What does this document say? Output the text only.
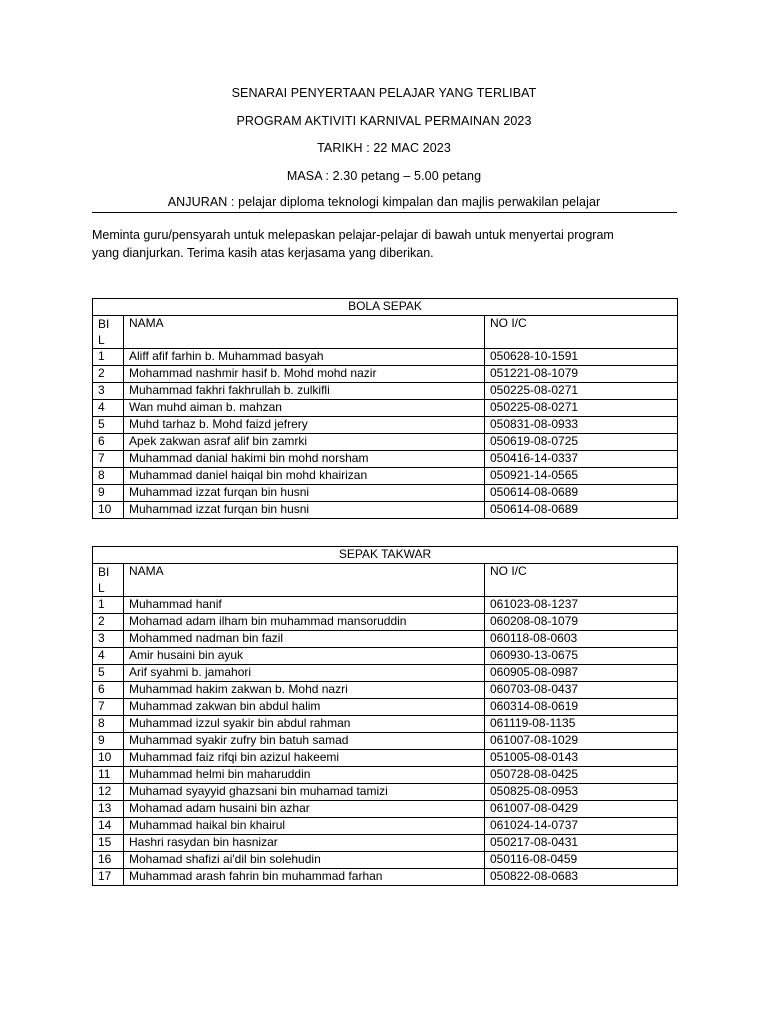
SENARAI PENYERTAAN PELAJAR YANG TERLIBAT
PROGRAM AKTIVITI KARNIVAL PERMAINAN 2023
TARIKH : 22 MAC 2023
MASA : 2.30 petang – 5.00 petang
ANJURAN : pelajar diploma teknologi kimpalan dan majlis perwakilan pelajar
Meminta guru/pensyarah untuk melepaskan pelajar-pelajar di bawah untuk menyertai program
yang dianjurkan. Terima kasih atas kerjasama yang diberikan.
BOLA SEPAK		

BI
L	NAMA	NO I/C
1	Aliff afif farhin b. Muhammad basyah	050628-10-1591
2	Mohammad nashmir hasif b. Mohd mohd nazir	051221-08-1079
3	Muhammad fakhri fakhrullah b. zulkifli	050225-08-0271
4	Wan muhd aiman b. mahzan	050225-08-0271
5	Muhd tarhaz b. Mohd faizd jefrery	050831-08-0933
6	Apek zakwan asraf alif bin zamrki	050619-08-0725
7	Muhammad danial hakimi bin mohd norsham	050416-14-0337
8	Muhammad daniel haiqal bin mohd khairizan	050921-14-0565
9	Muhammad izzat furqan bin husni	050614-08-0689
10	Muhammad izzat furqan bin husni	050614-08-0689
SEPAK TAKWAR		

BI
L	NAMA	NO I/C
1	Muhammad hanif	061023-08-1237
2	Mohamad adam ilham bin muhammad mansoruddin	060208-08-1079
3	Mohammed nadman bin fazil	060118-08-0603
4	Amir husaini bin ayuk	060930-13-0675
5	Arif syahmi b. jamahori	060905-08-0987
6	Muhammad hakim zakwan b. Mohd nazri	060703-08-0437
7	Muhammad zakwan bin abdul halim	060314-08-0619
8	Muhammad izzul syakir bin abdul rahman	061119-08-1135
9	Muhammad syakir zufry bin batuh samad	061007-08-1029
10	Muhammad faiz rifqi bin azizul hakeemi	051005-08-0143
11	Muhammad helmi bin maharuddin	050728-08-0425
12	Muhamad syayyid ghazsani bin muhamad tamizi	050825-08-0953
13	Mohamad adam husaini bin azhar	061007-08-0429
14	Muhammad haikal bin khairul	061024-14-0737
15	Hashri rasydan bin hasnizar	050217-08-0431
16	Mohamad shafizi ai'dil bin solehudin	050116-08-0459
17	Muhammad arash fahrin bin muhammad farhan	050822-08-0683
